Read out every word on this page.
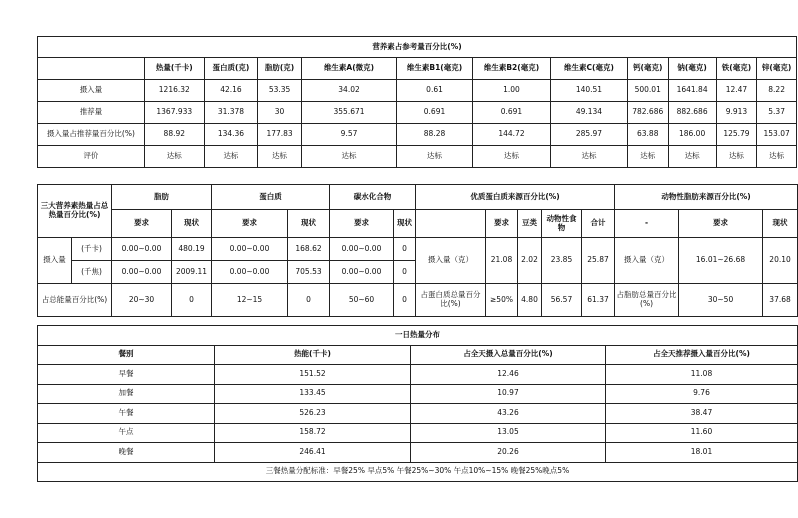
营养素占参考量百分比(%)											
	热量(千卡)	蛋白质(克)	脂肪(克)	维生素A(微克)	维生素B1(毫克)	维生素B2(毫克)	维生素C(毫克)	钙(毫克)	钠(毫克)	铁(毫克)	锌(毫克)
摄入量	1216.32	42.16	53.35	34.02	0.61	1.00	140.51	500.01	1641.84	12.47	8.22
推荐量	1367.933	31.378	30	355.671	0.691	0.691	49.134	782.686	882.686	9.913	5.37
摄入量占推荐量百分比(%)	88.92	134.36	177.83	9.57	88.28	144.72	285.97	63.88	186.00	125.79	153.07
评价	达标	达标	达标	达标	达标	达标	达标	达标	达标	达标	达标
三大营养素热量占总热量百分比(%)		脂肪		蛋白质		碳水化合物		优质蛋白质来源百分比(%)					动物性脂肪来源百分比(%)		
		要求	现状	要求	现状	要求	现状		要求	豆类	动物性食物	合计	-	要求	现状
摄入量	(千卡)	0.00~0.00	480.19	0.00~0.00	168.62	0.00~0.00	0	摄入量（克）	21.08	2.02	23.85	25.87	摄入量（克）	16.01~26.68	20.10
	(千焦)	0.00~0.00	2009.11	0.00~0.00	705.53	0.00~0.00	0								
占总能量百分比(%)		20~30	0	12~15	0	50~60	0	占蛋白质总量百分比(%)	≥50%	4.80	56.57	61.37	占脂肪总量百分比(%)	30~50	37.68
一日热量分布			
餐别	热能(千卡)	占全天摄入总量百分比(%)	占全天推荐摄入量百分比(%)
早餐	151.52	12.46	11.08
加餐	133.45	10.97	9.76
午餐	526.23	43.26	38.47
午点	158.72	13.05	11.60
晚餐	246.41	20.26	18.01
三餐热量分配标准：早餐25% 早点5% 午餐25%~30% 午点10%~15% 晚餐25%晚点5%			
